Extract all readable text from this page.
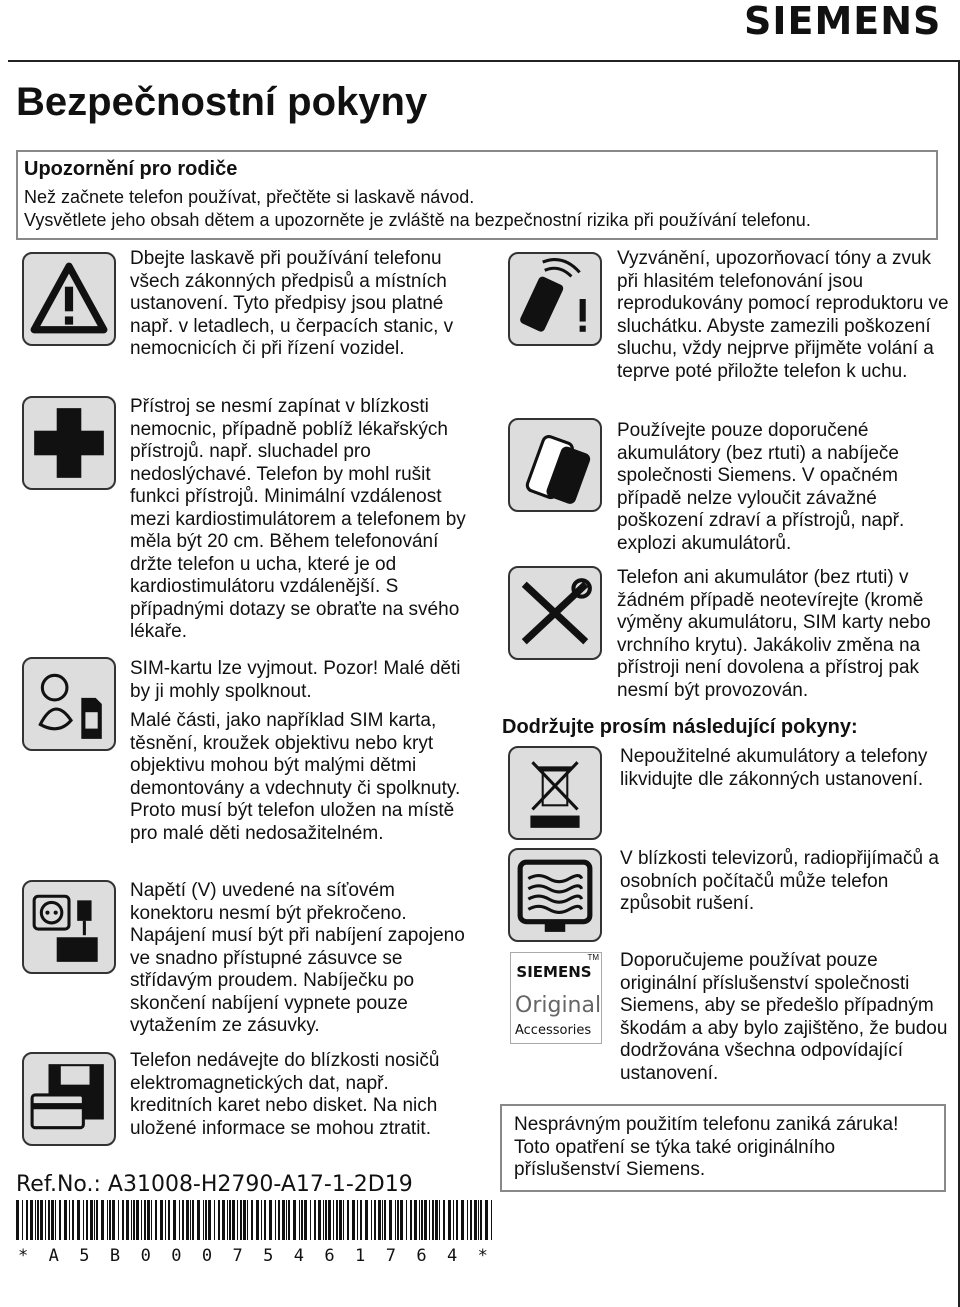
SIEMENS
Bezpečnostní pokyny
Upozornění pro rodiče
Než začnete telefon používat, přečtěte si laskavě návod.
Vysvětlete jeho obsah dětem a upozorněte je zvláště na bezpečnostní rizika při používání telefonu.

Dbejte laskavě při používání telefonu všech zákonných předpisů a místních ustanovení. Tyto předpisy jsou platné např. v letadlech, u čerpacích stanic, v nemocnicích či při řízení vozidel.

Přístroj se nesmí zapínat v blízkosti nemocnic, případně poblíž lékařských přístrojů. např. sluchadel pro nedoslýchavé. Telefon by mohl rušit funkci přístrojů. Minimální vzdálenost mezi kardiostimulátorem a telefonem by měla být 20 cm. Během telefonování držte telefon u ucha, které je od kardiostimulátoru vzdálenější. S případnými dotazy se obraťte na svého lékaře.

SIM-kartu lze vyjmout. Pozor! Malé děti by ji mohly spolknout.

Malé části, jako například SIM karta, těsnění, kroužek objektivu nebo kryt objektivu mohou být malými dětmi demontovány a vdechnuty či spolknuty. Proto musí být telefon uložen na místě pro malé děti nedosažitelném.

Napětí (V) uvedené na síťovém konektoru nesmí být překročeno. Napájení musí být při nabíjení zapojeno ve snadno přístupné zásuvce se střídavým proudem. Nabíječku po skončení nabíjení vypnete pouze vytažením ze zásuvky.

Telefon nedávejte do blízkosti nosičů elektromagnetických dat, např. kreditních karet nebo disket. Na nich uložené informace se mohou ztratit.

Vyzvánění, upozorňovací tóny a zvuk při hlasitém telefonování jsou reprodukovány pomocí reproduktoru ve sluchátku. Abyste zamezili poškození sluchu, vždy nejprve přijměte volání a teprve poté přiložte telefon k uchu.

Používejte pouze doporučené akumulátory (bez rtuti) a nabíječe společnosti Siemens. V opačném případě nelze vyloučit závažné poškození zdraví a přístrojů, např. explozi akumulátorů.

Telefon ani akumulátor (bez rtuti) v žádném případě neotevírejte (kromě výměny akumulátoru, SIM karty nebo vrchního krytu). Jakákoliv změna na přístroji není dovolena a přístroj pak nesmí být provozován.

Dodržujte prosím následující pokyny:

Nepoužitelné akumulátory a telefony likvidujte dle zákonných ustanovení.

V blízkosti televizorů, radiopřijímačů a osobních počítačů může telefon způsobit rušení.

SIEMENS
Original
Accessories
TM Doporučujeme používat pouze originální příslušenství společnosti Siemens, aby se předešlo případným škodám a aby bylo zajištěno, že budou dodržována všechna odpovídající ustanovení.

Nesprávným použitím telefonu zaniká záruka! Toto opatření se týka také originálního příslušenství Siemens.

Ref.No.: A31008-H2790-A17-1-2D19
* A 5 B 0 0 0 7 5 4 6 1 7 6 4 *
